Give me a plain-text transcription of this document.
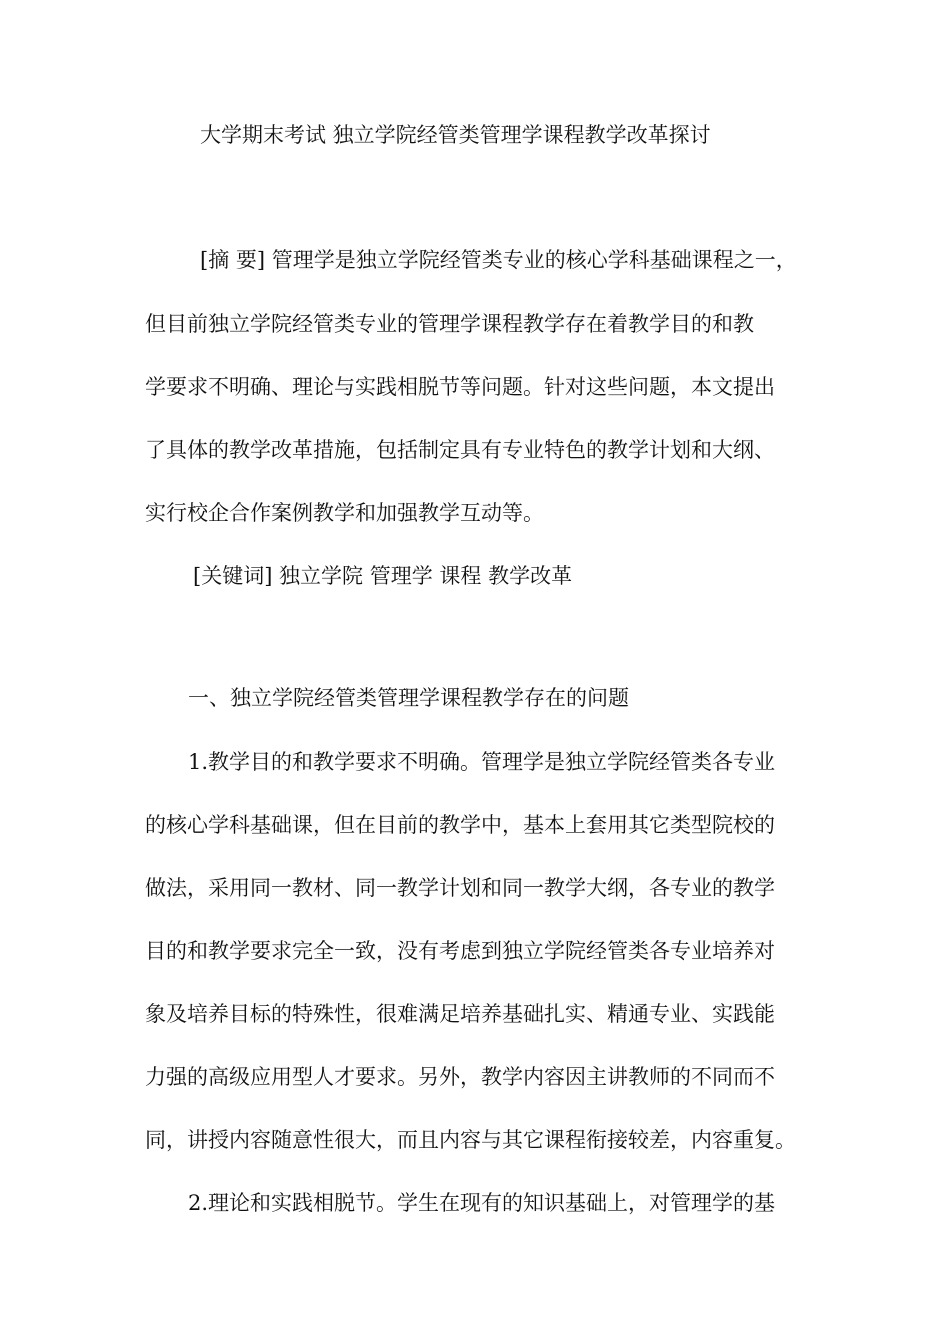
大学期末考试 独立学院经管类管理学课程教学改革探讨
[摘 要] 管理学是独立学院经管类专业的核心学科基础课程之一，
但目前独立学院经管类专业的管理学课程教学存在着教学目的和教
学要求不明确、理论与实践相脱节等问题。针对这些问题，本文提出
了具体的教学改革措施，包括制定具有专业特色的教学计划和大纲、
实行校企合作案例教学和加强教学互动等。
[关键词] 独立学院 管理学 课程 教学改革
一、独立学院经管类管理学课程教学存在的问题
1.教学目的和教学要求不明确。管理学是独立学院经管类各专业
的核心学科基础课，但在目前的教学中，基本上套用其它类型院校的
做法，采用同一教材、同一教学计划和同一教学大纲，各专业的教学
目的和教学要求完全一致，没有考虑到独立学院经管类各专业培养对
象及培养目标的特殊性，很难满足培养基础扎实、精通专业、实践能
力强的高级应用型人才要求。另外，教学内容因主讲教师的不同而不
同，讲授内容随意性很大，而且内容与其它课程衔接较差，内容重复。
2.理论和实践相脱节。学生在现有的知识基础上，对管理学的基
